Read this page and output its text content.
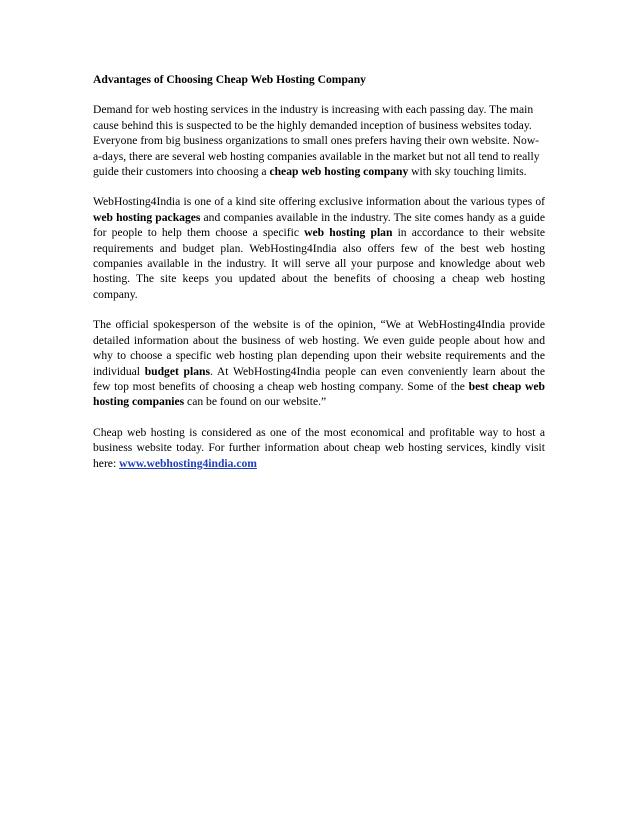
Advantages of Choosing Cheap Web Hosting Company

Demand for web hosting services in the industry is increasing with each passing day. The main cause behind this is suspected to be the highly demanded inception of business websites today. Everyone from big business organizations to small ones prefers having their own website. Now-a-days, there are several web hosting companies available in the market but not all tend to really guide their customers into choosing a cheap web hosting company with sky touching limits.

WebHosting4India is one of a kind site offering exclusive information about the various types of web hosting packages and companies available in the industry. The site comes handy as a guide for people to help them choose a specific web hosting plan in accordance to their website requirements and budget plan. WebHosting4India also offers few of the best web hosting companies available in the industry. It will serve all your purpose and knowledge about web hosting. The site keeps you updated about the benefits of choosing a cheap web hosting company.

The official spokesperson of the website is of the opinion, “We at WebHosting4India provide detailed information about the business of web hosting. We even guide people about how and why to choose a specific web hosting plan depending upon their website requirements and the individual budget plans. At WebHosting4India people can even conveniently learn about the few top most benefits of choosing a cheap web hosting company. Some of the best cheap web hosting companies can be found on our website.”

Cheap web hosting is considered as one of the most economical and profitable way to host a business website today. For further information about cheap web hosting services, kindly visit here: www.webhosting4india.com
